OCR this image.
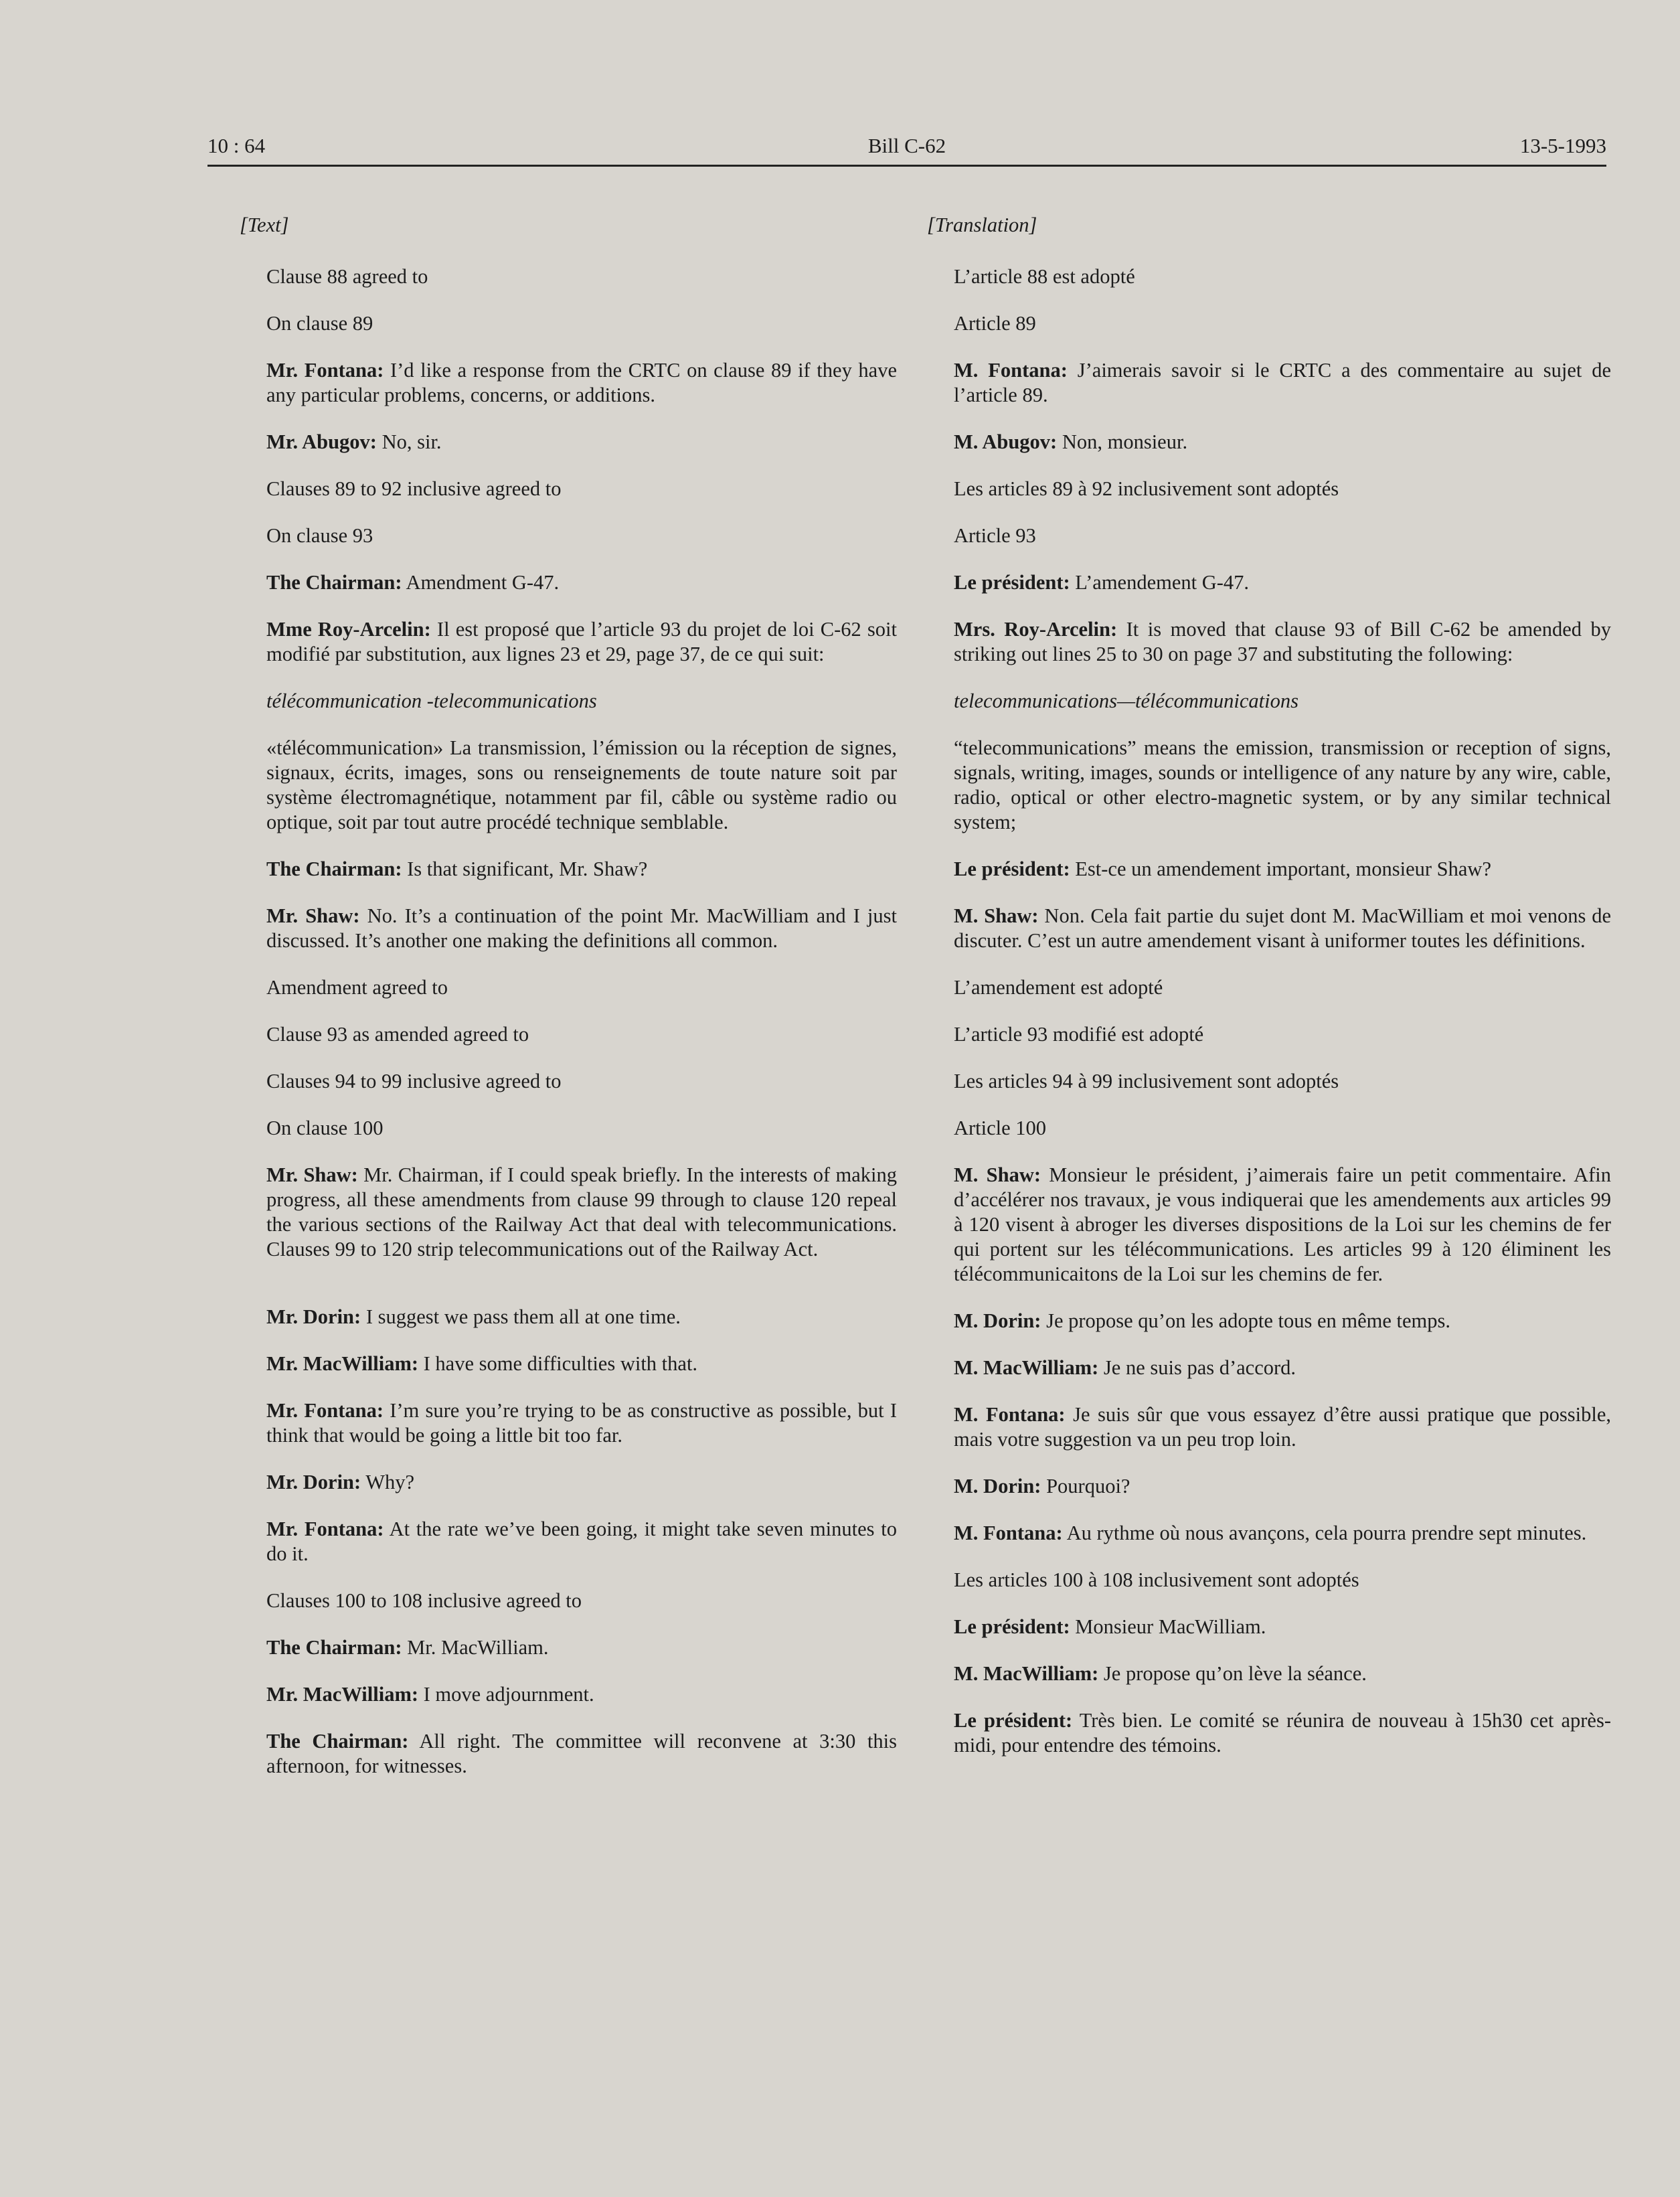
10 : 64	Bill C-62	13-5-1993

[Text]

Clause 88 agreed to

On clause 89

Mr. Fontana: I’d like a response from the CRTC on clause 89 if they have any particular problems, concerns, or additions.

Mr. Abugov: No, sir.

Clauses 89 to 92 inclusive agreed to

On clause 93

The Chairman: Amendment G-47.

Mme Roy-Arcelin: Il est proposé que l’article 93 du projet de loi C-62 soit modifié par substitution, aux lignes 23 et 29, page 37, de ce qui suit:

télécommunication -telecommunications

«télécommunication» La transmission, l’émission ou la réception de signes, signaux, écrits, images, sons ou renseignements de toute nature soit par système électromagnétique, notamment par fil, câble ou système radio ou optique, soit par tout autre procédé technique semblable.

The Chairman: Is that significant, Mr. Shaw?

Mr. Shaw: No. It’s a continuation of the point Mr. MacWilliam and I just discussed. It’s another one making the definitions all common.

Amendment agreed to

Clause 93 as amended agreed to

Clauses 94 to 99 inclusive agreed to

On clause 100

Mr. Shaw: Mr. Chairman, if I could speak briefly. In the interests of making progress, all these amendments from clause 99 through to clause 120 repeal the various sections of the Railway Act that deal with telecommunications. Clauses 99 to 120 strip telecommunications out of the Railway Act.

Mr. Dorin: I suggest we pass them all at one time.

Mr. MacWilliam: I have some difficulties with that.

Mr. Fontana: I’m sure you’re trying to be as constructive as possible, but I think that would be going a little bit too far.

Mr. Dorin: Why?

Mr. Fontana: At the rate we’ve been going, it might take seven minutes to do it.

Clauses 100 to 108 inclusive agreed to

The Chairman: Mr. MacWilliam.

Mr. MacWilliam: I move adjournment.

The Chairman: All right. The committee will reconvene at 3:30 this afternoon, for witnesses.

[Translation]

L’article 88 est adopté

Article 89

M. Fontana: J’aimerais savoir si le CRTC a des commentaire au sujet de l’article 89.

M. Abugov: Non, monsieur.

Les articles 89 à 92 inclusivement sont adoptés

Article 93

Le président: L’amendement G-47.

Mrs. Roy-Arcelin: It is moved that clause 93 of Bill C-62 be amended by striking out lines 25 to 30 on page 37 and substituting the following:

telecommunications—télécommunications

“telecommunications” means the emission, transmission or reception of signs, signals, writing, images, sounds or intelligence of any nature by any wire, cable, radio, optical or other electro-magnetic system, or by any similar technical system;

Le président: Est-ce un amendement important, monsieur Shaw?

M. Shaw: Non. Cela fait partie du sujet dont M. MacWilliam et moi venons de discuter. C’est un autre amendement visant à uniformer toutes les définitions.

L’amendement est adopté

L’article 93 modifié est adopté

Les articles 94 à 99 inclusivement sont adoptés

Article 100

M. Shaw: Monsieur le président, j’aimerais faire un petit commentaire. Afin d’accélérer nos travaux, je vous indiquerai que les amendements aux articles 99 à 120 visent à abroger les diverses dispositions de la Loi sur les chemins de fer qui portent sur les télécommunications. Les articles 99 à 120 éliminent les télécommunicaitons de la Loi sur les chemins de fer.

M. Dorin: Je propose qu’on les adopte tous en même temps.

M. MacWilliam: Je ne suis pas d’accord.

M. Fontana: Je suis sûr que vous essayez d’être aussi pratique que possible, mais votre suggestion va un peu trop loin.

M. Dorin: Pourquoi?

M. Fontana: Au rythme où nous avançons, cela pourra prendre sept minutes.

Les articles 100 à 108 inclusivement sont adoptés

Le président: Monsieur MacWilliam.

M. MacWilliam: Je propose qu’on lève la séance.

Le président: Très bien. Le comité se réunira de nouveau à 15h30 cet après-midi, pour entendre des témoins.
